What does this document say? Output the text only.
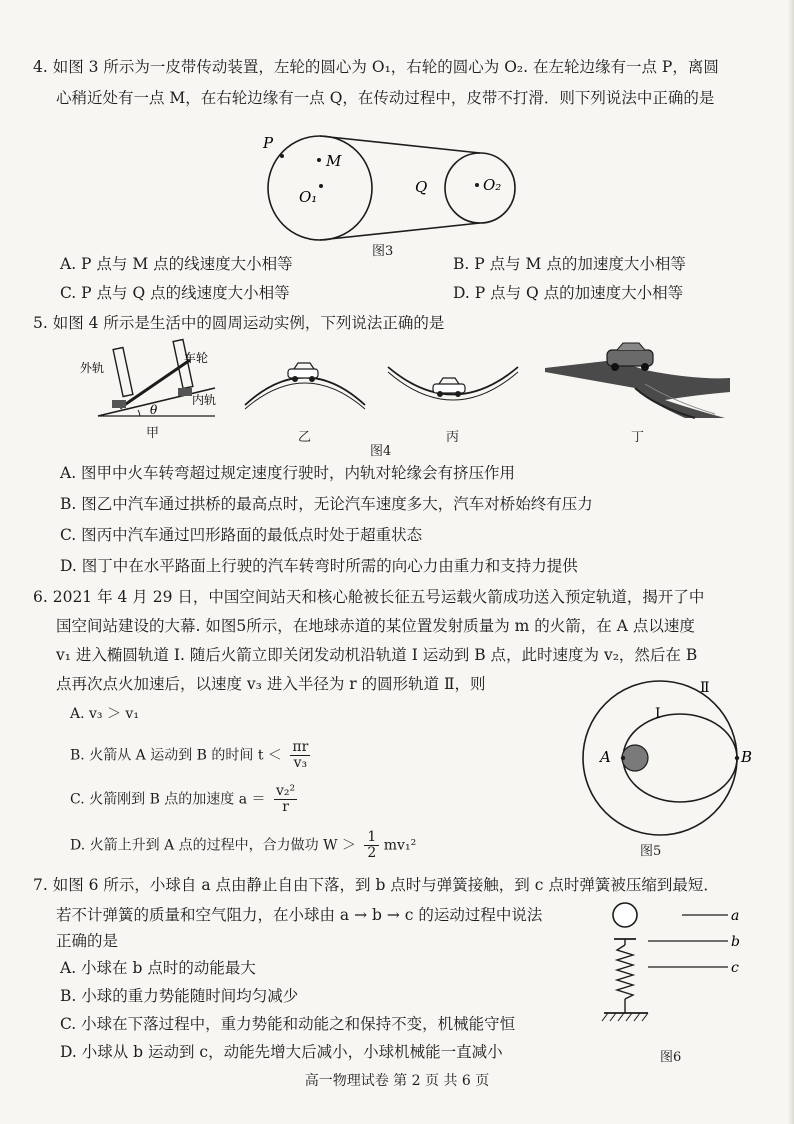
4. 如图 3 所示为一皮带传动装置，左轮的圆心为 O₁，右轮的圆心为 O₂. 在左轮边缘有一点 P，离圆
心稍近处有一点 M，在右轮边缘有一点 Q，在传动过程中，皮带不打滑．则下列说法中正确的是
P
M
O₁
Q	O₂
图3
A. P 点与 M 点的线速度大小相等	B. P 点与 M 点的加速度大小相等
C. P 点与 Q 点的线速度大小相等	D. P 点与 Q 点的加速度大小相等
5. 如图 4 所示是生活中的圆周运动实例，下列说法正确的是
θ
外轨
车轮
内轨
甲	乙	丙	丁
图4
A. 图甲中火车转弯超过规定速度行驶时，内轨对轮缘会有挤压作用
B. 图乙中汽车通过拱桥的最高点时，无论汽车速度多大，汽车对桥始终有压力
C. 图丙中汽车通过凹形路面的最低点时处于超重状态
D. 图丁中在水平路面上行驶的汽车转弯时所需的向心力由重力和支持力提供
6. 2021 年 4 月 29 日，中国空间站天和核心舱被长征五号运载火箭成功送入预定轨道，揭开了中
国空间站建设的大幕. 如图5所示，在地球赤道的某位置发射质量为 m 的火箭，在 A 点以速度
v₁ 进入椭圆轨道 I. 随后火箭立即关闭发动机沿轨道 I 运动到 B 点，此时速度为 v₂，然后在 B
点再次点火加速后，以速度 v₃ 进入半径为 r 的圆形轨道 Ⅱ，则
A. v₃ ＞ v₁
B. 火箭从 A 运动到 B 的时间 $t < \frac{\pi r}{\text{v₃}}$
C. 火箭刚到 B 点的加速度 $a = \frac{\text{v₂²}}{r}$
D. 火箭上升到 A 点的过程中，合力做功 $W > \frac{1}{2} mv_1^2$
Ⅱ
I
A	B
图5
7. 如图 6 所示，小球自 a 点由静止自由下落，到 b 点时与弹簧接触，到 c 点时弹簧被压缩到最短．
若不计弹簧的质量和空气阻力，在小球由 a → b → c 的运动过程中说法
正确的是
A. 小球在 b 点时的动能最大
B. 小球的重力势能随时间均匀减少
C. 小球在下落过程中，重力势能和动能之和保持不变，机械能守恒
D. 小球从 b 运动到 c，动能先增大后减小，小球机械能一直减小
a
b
c
图6
高一物理试卷 第 2 页 共 6 页
